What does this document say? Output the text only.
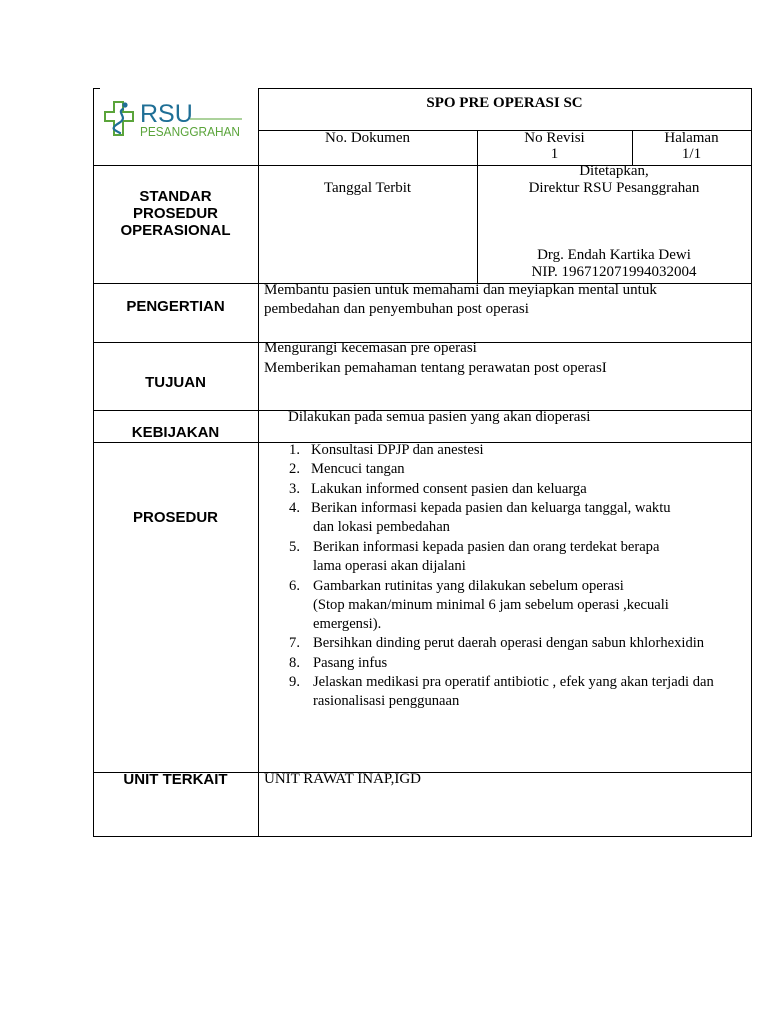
RSU
PESANGGRAHAN
SPO PRE OPERASI SC
No. Dokumen	No Revisi
1
Halaman
1/1
STANDAR
PROSEDUR
OPERASIONAL
Tanggal Terbit
Ditetapkan,
Direktur RSU Pesanggrahan
Drg. Endah Kartika Dewi
NIP. 196712071994032004
PENGERTIAN
Membantu pasien untuk memahami dan meyiapkan mental untuk
pembedahan dan penyembuhan post operasi
TUJUAN
Mengurangi kecemasan pre operasi
Memberikan pemahaman tentang perawatan post operasI
KEBIJAKAN
Dilakukan pada semua pasien yang akan dioperasi
PROSEDUR
1. Konsultasi DPJP dan anestesi
2. Mencuci tangan
3. Lakukan informed consent pasien dan keluarga
4. Berikan informasi kepada pasien dan keluarga tanggal, waktu
dan lokasi pembedahan
5. Berikan informasi kepada pasien dan orang terdekat berapa
lama operasi akan dijalani
6. Gambarkan rutinitas yang dilakukan sebelum operasi
(Stop makan/minum minimal 6 jam sebelum operasi ,kecuali
emergensi).
7. Bersihkan dinding perut daerah operasi dengan sabun khlorhexidin
8. Pasang infus
9. Jelaskan medikasi pra operatif antibiotic , efek yang akan terjadi dan
rasionalisasi penggunaan
UNIT TERKAIT	UNIT RAWAT INAP,IGD
